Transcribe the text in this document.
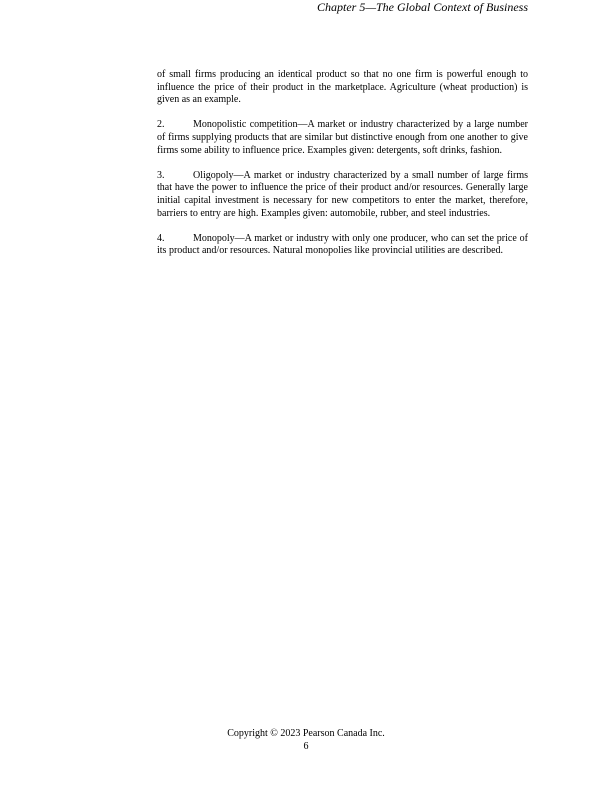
Chapter 5—The Global Context of Business

of small firms producing an identical product so that no one firm is powerful enough to influence the price of their product in the marketplace. Agriculture (wheat production) is given as an example.

2.	Monopolistic competition—A market or industry characterized by a large number of firms supplying products that are similar but distinctive enough from one another to give firms some ability to influence price. Examples given: detergents, soft drinks, fashion.

3.	Oligopoly—A market or industry characterized by a small number of large firms that have the power to influence the price of their product and/or resources. Generally large initial capital investment is necessary for new competitors to enter the market, therefore, barriers to entry are high. Examples given: automobile, rubber, and steel industries.

4.	Monopoly—A market or industry with only one producer, who can set the price of its product and/or resources. Natural monopolies like provincial utilities are described.

Copyright © 2023 Pearson Canada Inc.
6
